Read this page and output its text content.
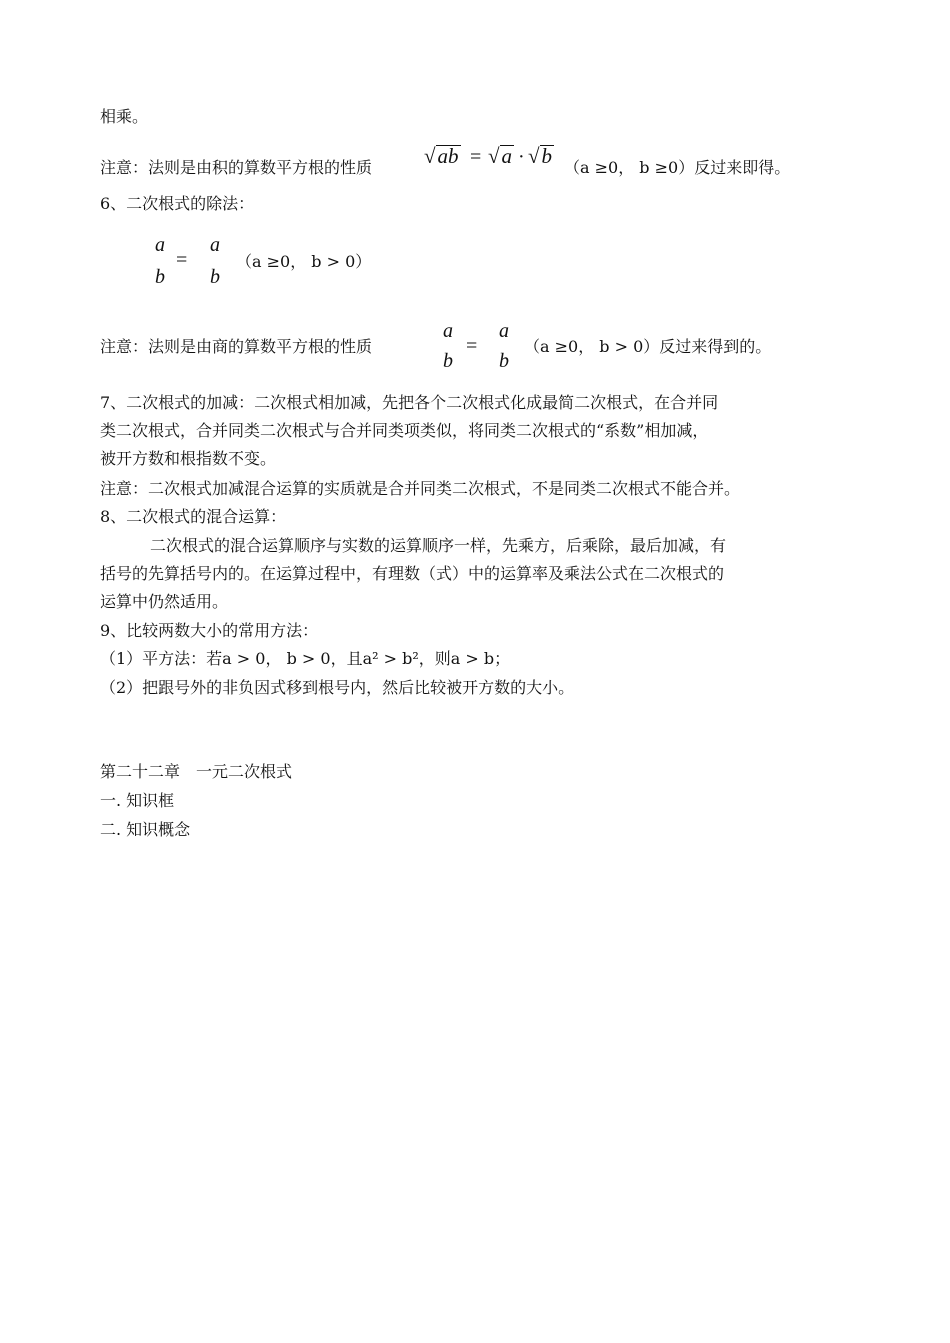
相乘。
注意：法则是由积的算数平方根的性质 √ab = √a · √b （a ≥0， b ≥0）反过来即得。
6、二次根式的除法：
a
b
=
a
b
（a ≥0， b > 0）
注意：法则是由商的算数平方根的性质
a
b
=
a
b
（a ≥0， b > 0）反过来得到的。
7、二次根式的加减：二次根式相加减，先把各个二次根式化成最简二次根式，在合并同
类二次根式，合并同类二次根式与合并同类项类似，将同类二次根式的“系数”相加减，
被开方数和根指数不变。
注意：二次根式加减混合运算的实质就是合并同类二次根式，不是同类二次根式不能合并。
8、二次根式的混合运算：
二次根式的混合运算顺序与实数的运算顺序一样，先乘方，后乘除，最后加减，有
括号的先算括号内的。在运算过程中，有理数（式）中的运算率及乘法公式在二次根式的
运算中仍然适用。
9、比较两数大小的常用方法：
（1）平方法：若a > 0， b > 0，且a² > b²，则a > b；
（2）把跟号外的非负因式移到根号内，然后比较被开方数的大小。
第二十二章　一元二次根式
一. 知识框
二. 知识概念
